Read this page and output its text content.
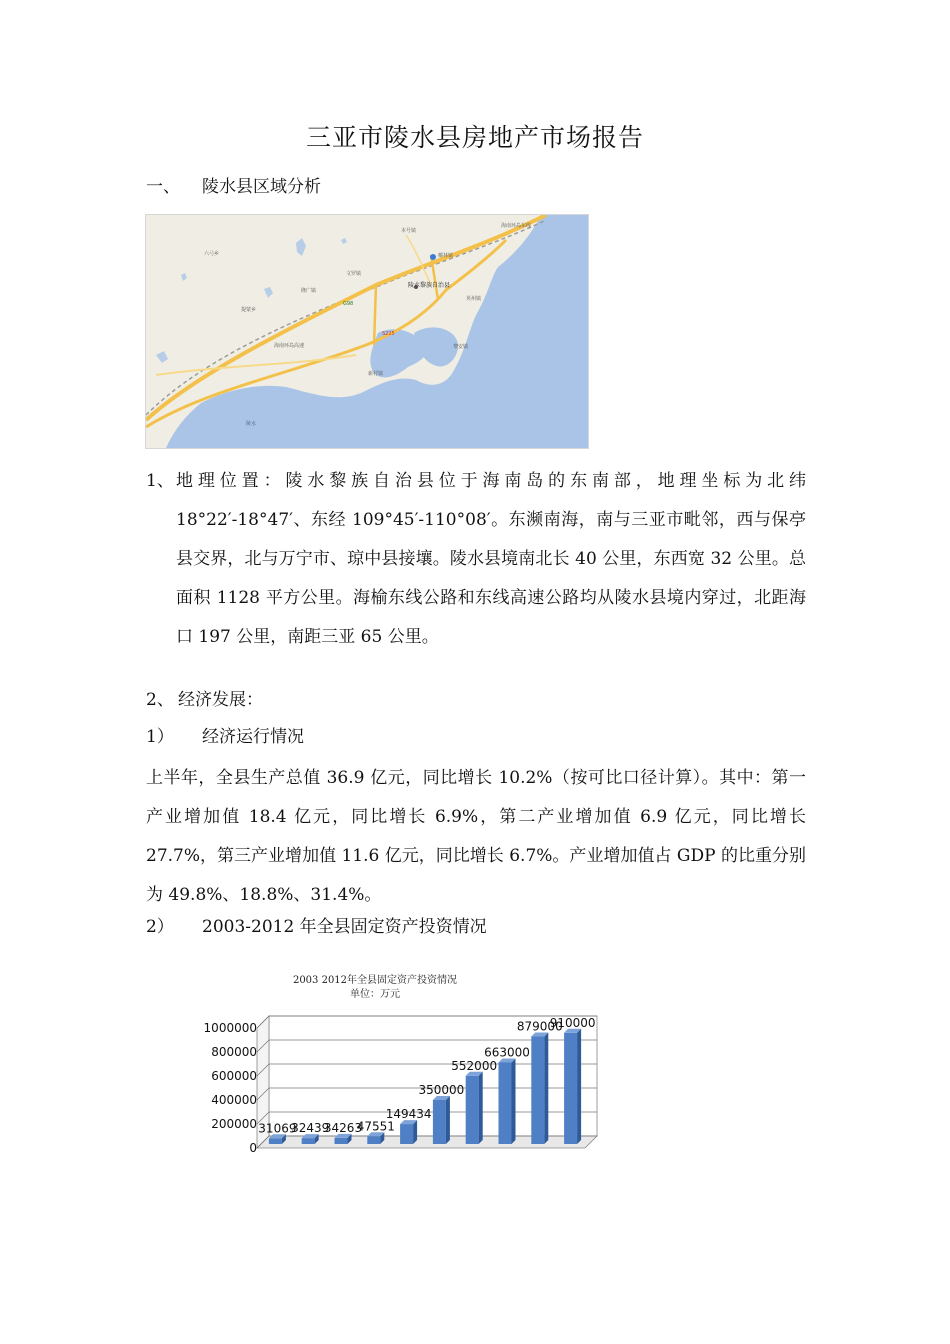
三亚市陵水县房地产市场报告
一、 陵水县区域分析
六弓乡
本号镇
隆广镇
提蒙乡
文罗镇
陵水黎族自治县
椰林镇
新村镇
黎安镇
英州镇
G98
S225
海南环岛高速
海南环岛东线
陵水
1、 地理位置：陵水黎族自治县位于海南岛的东南部，地理坐标为北纬 18°22′-18°47′、东经 109°45′-110°08′。东濒南海，南与三亚市毗邻，西与保亭县交界，北与万宁市、琼中县接壤。陵水县境南北长 40 公里，东西宽 32 公里。总面积 1128 平方公里。海榆东线公路和东线高速公路均从陵水县境内穿过，北距海口 197 公里，南距三亚 65 公里。
2、 经济发展：
1） 经济运行情况
上半年，全县生产总值 36.9 亿元，同比增长 10.2%（按可比口径计算）。其中：第一产业增加值 18.4 亿元，同比增长 6.9%，第二产业增加值 6.9 亿元，同比增长 27.7%，第三产业增加值 11.6 亿元，同比增长 6.7%。产业增加值占 GDP 的比重分别为 49.8%、18.8%、31.4%。
2） 2003-2012 年全县固定资产投资情况
2003 2012年全县固定资产投资情况
单位：万元
1000000
800000
600000
400000
200000
0
31069
32439
34263
47551
149434
350000
552000
663000
879000
910000
